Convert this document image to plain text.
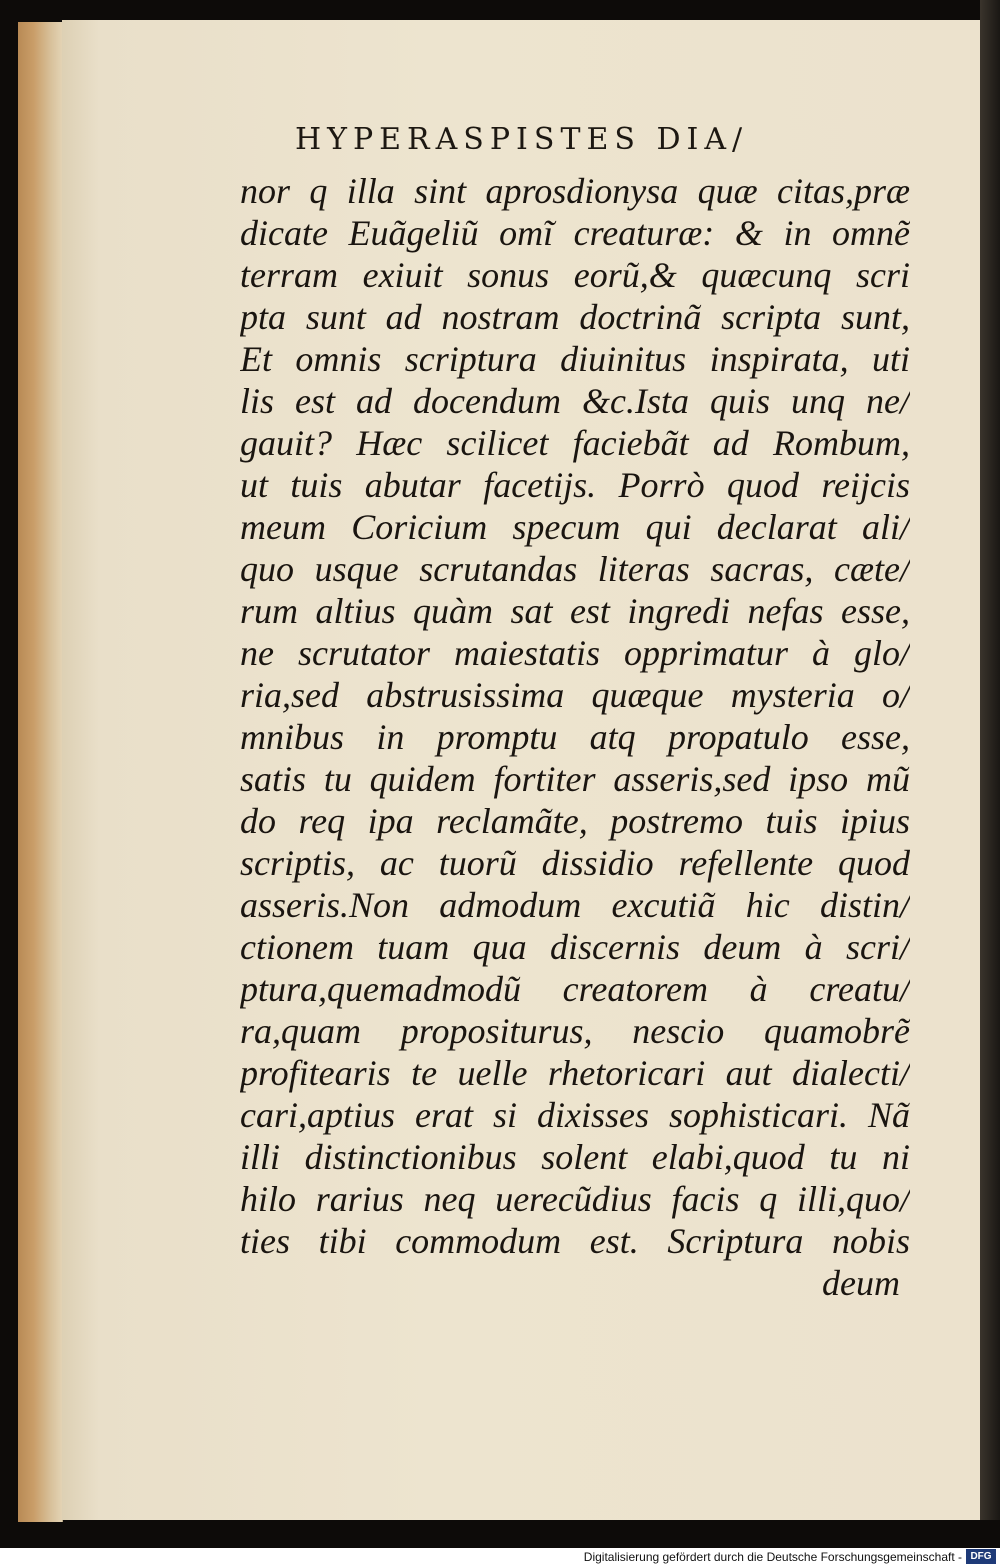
HYPERASPISTES DIA/
nor q illa sint aprosdionysa quæ citas,præ
dicate Euãgeliũ omĩ creaturæ: & in omnẽ
terram exiuit sonus eorũ,& quæcunq scri
pta sunt ad nostram doctrinã scripta sunt,
Et omnis scriptura diuinitus inspirata, uti
lis est ad docendum &c.Ista quis unq ne/
gauit? Hæc scilicet faciebãt ad Rombum,
ut tuis abutar facetijs. Porrò quod reijcis
meum Coricium specum qui declarat ali/
quo usque scrutandas literas sacras, cæte/
rum altius quàm sat est ingredi nefas esse,
ne scrutator maiestatis opprimatur à glo/
ria,sed abstrusissima quæque mysteria o/
mnibus in promptu atq propatulo esse,
satis tu quidem fortiter asseris,sed ipso mũ
do req ipa reclamãte, postremo tuis ipius
scriptis, ac tuorũ dissidio refellente quod
asseris.Non admodum excutiã hic distin/
ctionem tuam qua discernis deum à scri/
ptura,quemadmodũ creatorem à creatu/
ra,quam propositurus, nescio quamobrẽ
profitearis te uelle rhetoricari aut dialecti/
cari,aptius erat si dixisses sophisticari. Nã
illi distinctionibus solent elabi,quod tu ni
hilo rarius neq uerecũdius facis q illi,quo/
ties tibi commodum est. Scriptura nobis
deum
Digitalisierung gefördert durch die Deutsche Forschungsgemeinschaft - DFG
